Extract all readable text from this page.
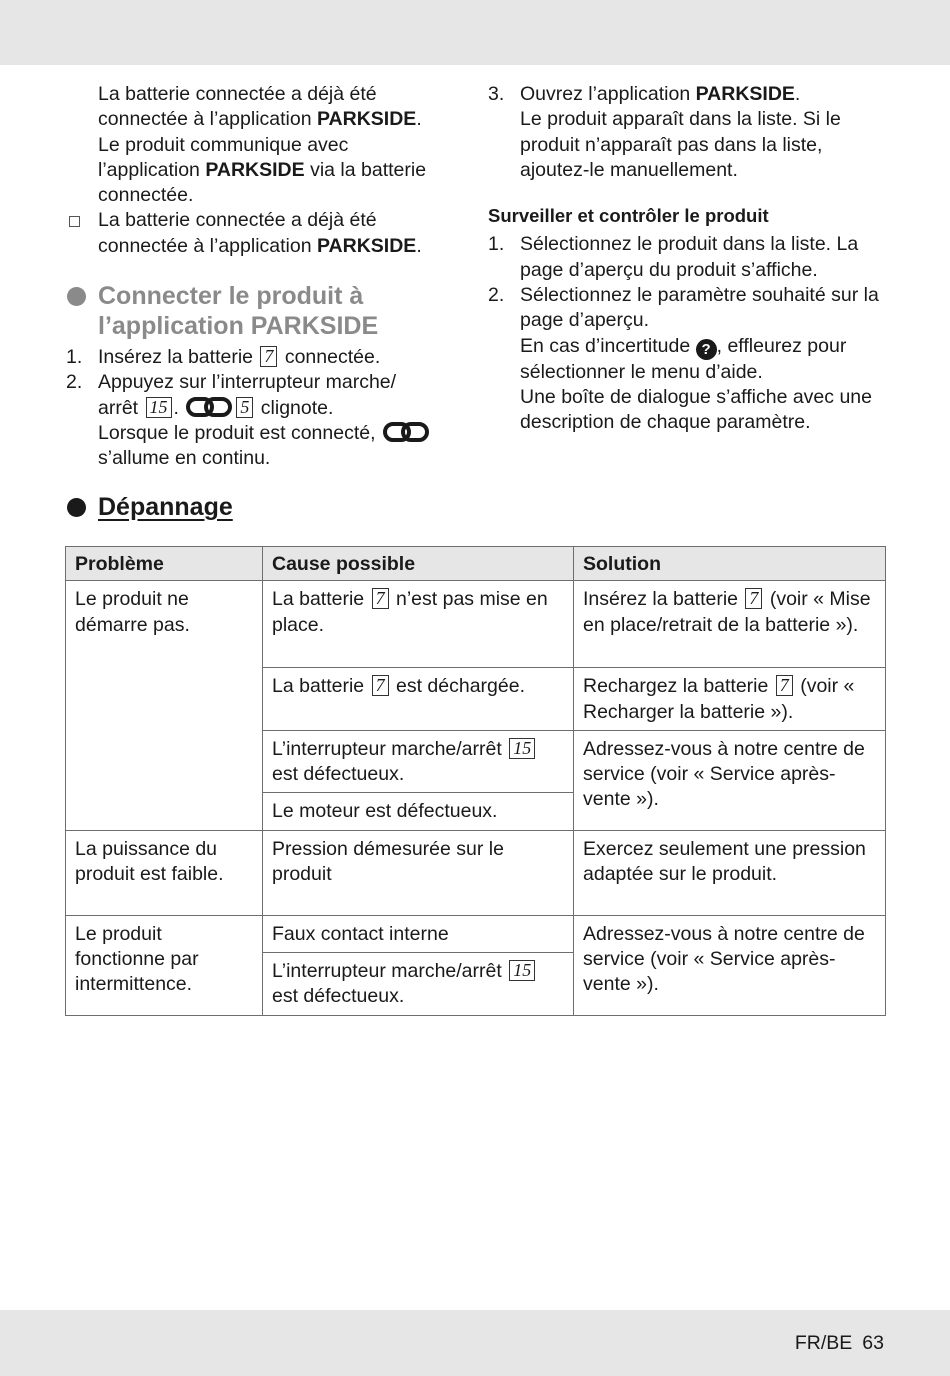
La batterie connectée a déjà été
connectée à l’application PARKSIDE.
Le produit communique avec
l’application PARKSIDE via la batterie
connectée.
La batterie connectée a déjà été
connectée à l’application PARKSIDE.
Connecter le produit à
l’application PARKSIDE
1. Insérez la batterie 7 connectée.
2. Appuyez sur l’interrupteur marche/
arrêt 15 .	5 clignote.
Lorsque le produit est connecté,
s’allume en continu.
3. Ouvrez l’application PARKSIDE.
Le produit apparaît dans la liste. Si le produit n’apparaît pas dans la liste, ajoutez-le manuellement.
Surveiller et contrôler le produit
1. Sélectionnez le produit dans la liste. La page d’aperçu du produit s’affiche.
2. Sélectionnez le paramètre souhaité sur la page d’aperçu.
En cas d’incertitude ? , effleurez pour sélectionner le menu d’aide.
Une boîte de dialogue s’affiche avec une description de chaque paramètre.
Dépannage
Problème	Cause possible	Solution
Le produit ne démarre pas.	La batterie 7 n’est pas mise en place.	Insérez la batterie 7 (voir « Mise en place/retrait de la batterie »).
	La batterie 7 est déchargée.	Rechargez la batterie 7 (voir « Recharger la batterie »).
	L’interrupteur marche/arrêt 15 est défectueux.	Adressez-vous à notre centre de service (voir « Service après-vente »).
	Le moteur est défectueux.	
La puissance du produit est faible.	Pression démesurée sur le produit	Exercez seulement une pression adaptée sur le produit.
Le produit fonctionne par intermittence.	Faux contact interne	Adressez-vous à notre centre de service (voir « Service après-vente »).
	L’interrupteur marche/arrêt 15 est défectueux.	
FR/BE 63
